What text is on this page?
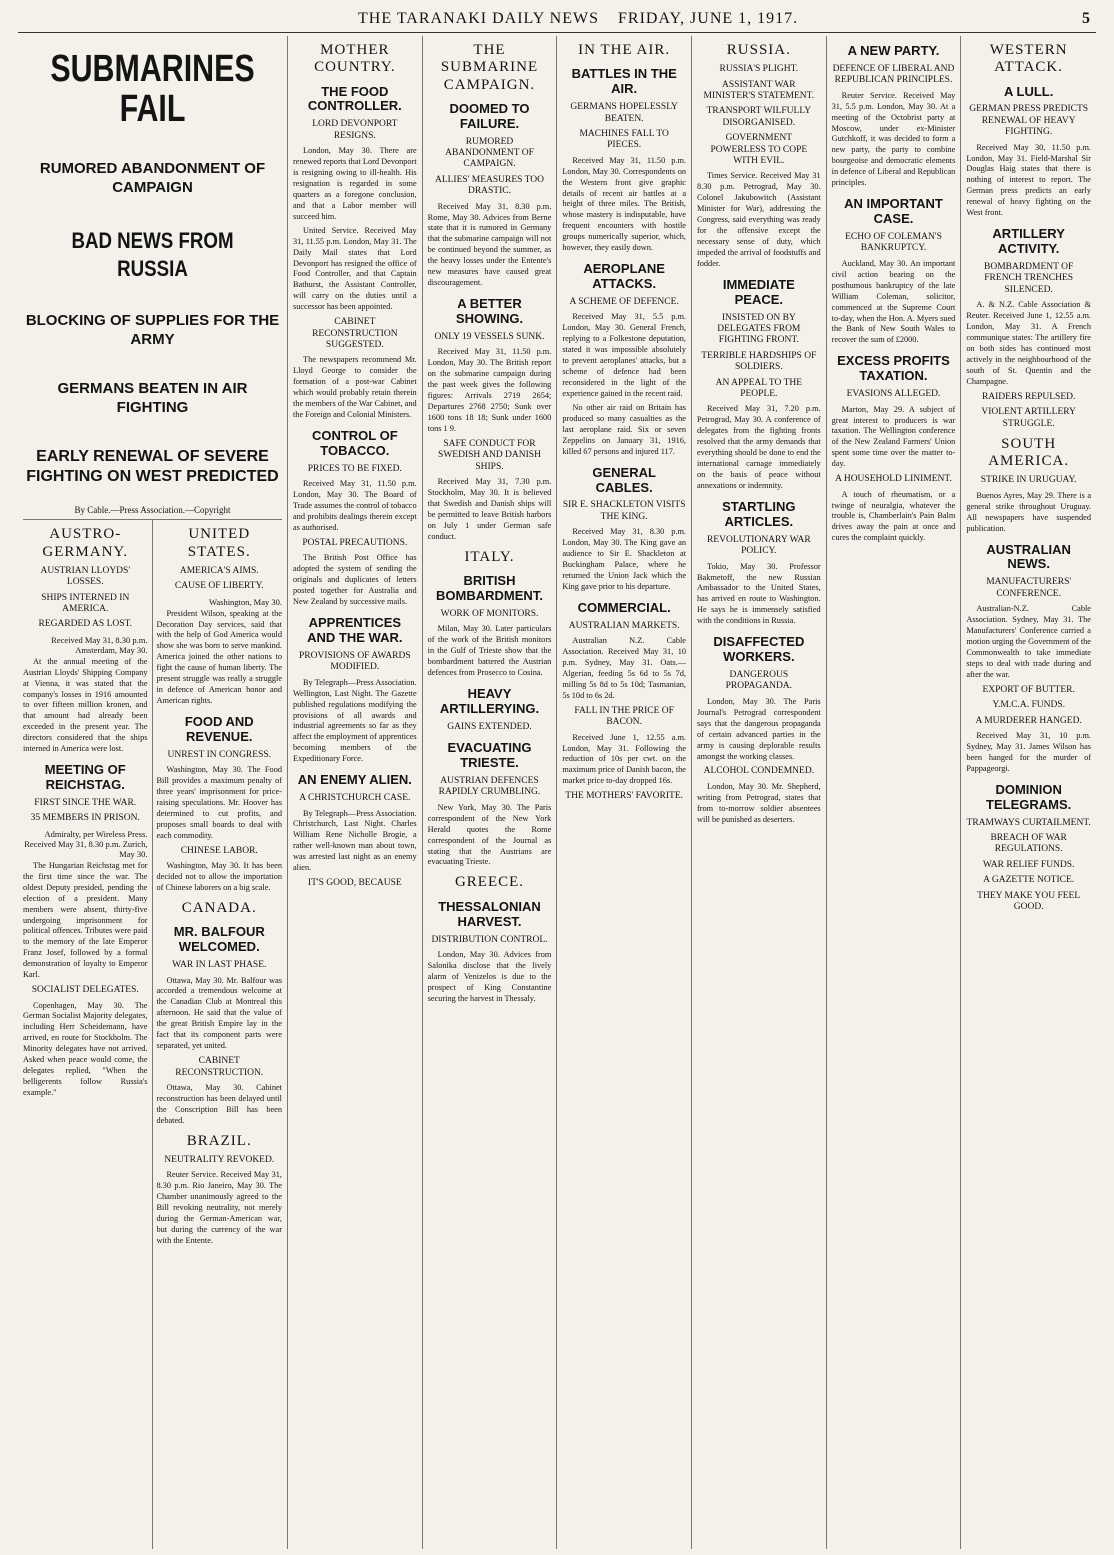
THE TARANAKI DAILY NEWS FRIDAY, JUNE 1, 1917.	5
SUBMARINES FAIL
RUMORED ABANDONMENT OF CAMPAIGN
BAD NEWS FROM RUSSIA
BLOCKING OF SUPPLIES FOR THE ARMY
GERMANS BEATEN IN AIR FIGHTING
EARLY RENEWAL OF SEVERE FIGHTING ON WEST PREDICTED
By Cable.—Press Association.—Copyright
AUSTRO-GERMANY.
AUSTRIAN LLOYDS' LOSSES.
SHIPS INTERNED IN AMERICA.
REGARDED AS LOST.
Received May 31, 8.30 p.m. Amsterdam, May 30.

At the annual meeting of the Austrian Lloyds' Shipping Company at Vienna, it was stated that the company's losses in 1916 amounted to over fifteen million kronen, and that amount had already been exceeded in the present year. The directors considered that the ships interned in America were lost.

MEETING OF REICHSTAG.
FIRST SINCE THE WAR.
35 MEMBERS IN PRISON.
Admiralty, per Wireless Press. Received May 31, 8.30 p.m. Zurich, May 30.

The Hungarian Reichstag met for the first time since the war. The oldest Deputy presided, pending the election of a president. Many members were absent, thirty-five undergoing imprisonment for political offences. Tributes were paid to the memory of the late Emperor Franz Josef, followed by a formal demonstration of loyalty to Emperor Karl.

SOCIALIST DELEGATES.

Copenhagen, May 30. The German Socialist Majority delegates, including Herr Scheidemann, have arrived, en route for Stockholm. The Minority delegates have not arrived. Asked when peace would come, the delegates replied, "When the belligerents follow Russia's example."

UNITED STATES.
AMERICA'S AIMS.
CAUSE OF LIBERTY.
Washington, May 30.

President Wilson, speaking at the Decoration Day services, said that with the help of God America would show she was born to serve mankind. America joined the other nations to fight the cause of human liberty. The present struggle was really a struggle in defence of American honor and American rights.

FOOD AND REVENUE.
UNREST IN CONGRESS.

Washington, May 30. The Food Bill provides a maximum penalty of three years' imprisonment for price-raising speculations. Mr. Hoover has determined to cut profits, and proposes small boards to deal with each commodity.

CHINESE LABOR.

Washington, May 30. It has been decided not to allow the importation of Chinese laborers on a big scale.

CANADA.
MR. BALFOUR WELCOMED.
WAR IN LAST PHASE.

Ottawa, May 30. Mr. Balfour was accorded a tremendous welcome at the Canadian Club at Montreal this afternoon. He said that the value of the great British Empire lay in the fact that its component parts were separated, yet united.

CABINET RECONSTRUCTION.

Ottawa, May 30. Cabinet reconstruction has been delayed until the Conscription Bill has been debated.

BRAZIL.
NEUTRALITY REVOKED.

Reuter Service. Received May 31, 8.30 p.m. Rio Janeiro, May 30. The Chamber unanimously agreed to the Bill revoking neutrality, not merely during the German-American war, but during the currency of the war with the Entente.

MOTHER COUNTRY.
THE FOOD CONTROLLER.
LORD DEVONPORT RESIGNS.

London, May 30. There are renewed reports that Lord Devonport is resigning owing to ill-health. His resignation is regarded in some quarters as a foregone conclusion, and that a Labor member will succeed him.

United Service. Received May 31, 11.55 p.m. London, May 31. The Daily Mail states that Lord Devonport has resigned the office of Food Controller, and that Captain Bathurst, the Assistant Controller, will carry on the duties until a successor has been appointed.

CABINET RECONSTRUCTION SUGGESTED.

The newspapers recommend Mr. Lloyd George to consider the formation of a post-war Cabinet which would probably retain therein the members of the War Cabinet, and the Foreign and Colonial Ministers.

CONTROL OF TOBACCO.
PRICES TO BE FIXED.

Received May 31, 11.50 p.m. London, May 30. The Board of Trade assumes the control of tobacco and prohibits dealings therein except as authorised.

POSTAL PRECAUTIONS.

The British Post Office has adopted the system of sending the originals and duplicates of letters posted together for Australia and New Zealand by successive mails.

APPRENTICES AND THE WAR.
PROVISIONS OF AWARDS MODIFIED.

By Telegraph—Press Association. Wellington, Last Night. The Gazette published regulations modifying the provisions of all awards and industrial agreements so far as they affect the employment of apprentices becoming members of the Expeditionary Force.

AN ENEMY ALIEN.
A CHRISTCHURCH CASE.

By Telegraph—Press Association. Christchurch, Last Night. Charles William Rene Nicholle Brogie, a rather well-known man about town, was arrested last night as an enemy alien.

IT'S GOOD, BECAUSE
THE SUBMARINE CAMPAIGN.
DOOMED TO FAILURE.
RUMORED ABANDONMENT OF CAMPAIGN.
ALLIES' MEASURES TOO DRASTIC.

Received May 31, 8.30 p.m. Rome, May 30. Advices from Berne state that it is rumored in Germany that the submarine campaign will not be continued beyond the summer, as the heavy losses under the Entente's new measures have caused great discouragement.

A BETTER SHOWING.
ONLY 19 VESSELS SUNK.

Received May 31, 11.50 p.m. London, May 30. The British report on the submarine campaign during the past week gives the following figures: Arrivals 2719 2654; Departures 2768 2750; Sunk over 1600 tons 18 18; Sunk under 1600 tons 1 9.

SAFE CONDUCT FOR SWEDISH AND DANISH SHIPS.

Received May 31, 7.30 p.m. Stockholm, May 30. It is believed that Swedish and Danish ships will be permitted to leave British harbors on July 1 under German safe conduct.

ITALY.
BRITISH BOMBARDMENT.
WORK OF MONITORS.

Milan, May 30. Later particulars of the work of the British monitors in the Gulf of Trieste show that the bombardment battered the Austrian defences from Prosecco to Cosina.

HEAVY ARTILLERYING.
GAINS EXTENDED.
EVACUATING TRIESTE.
AUSTRIAN DEFENCES RAPIDLY CRUMBLING.

New York, May 30. The Paris correspondent of the New York Herald quotes the Rome correspondent of the Journal as stating that the Austrians are evacuating Trieste.

GREECE.
THESSALONIAN HARVEST.
DISTRIBUTION CONTROL.

London, May 30. Advices from Salonika disclose that the lively alarm of Venizelos is due to the prospect of King Constantine securing the harvest in Thessaly.

IN THE AIR.
BATTLES IN THE AIR.
GERMANS HOPELESSLY BEATEN.
MACHINES FALL TO PIECES.

Received May 31, 11.50 p.m. London, May 30. Correspondents on the Western front give graphic details of recent air battles at a height of three miles. The British, whose mastery is indisputable, have frequent encounters with hostile groups numerically superior, which, however, they easily down.

AEROPLANE ATTACKS.
A SCHEME OF DEFENCE.

Received May 31, 5.5 p.m. London, May 30. General French, replying to a Folkestone deputation, stated it was impossible absolutely to prevent aeroplanes' attacks, but a scheme of defence had been reconsidered in the light of the experience gained in the recent raid.

No other air raid on Britain has produced so many casualties as the last aeroplane raid. Six or seven Zeppelins on January 31, 1916, killed 67 persons and injured 117.

GENERAL CABLES.
SIR E. SHACKLETON VISITS THE KING.

Received May 31, 8.30 p.m. London, May 30. The King gave an audience to Sir E. Shackleton at Buckingham Palace, where he returned the Union Jack which the King gave prior to his departure.

COMMERCIAL.
AUSTRALIAN MARKETS.

Australian N.Z. Cable Association. Received May 31, 10 p.m. Sydney, May 31. Oats.—Algerian, feeding 5s 6d to 5s 7d, milling 5s 8d to 5s 10d; Tasmanian, 5s 10d to 6s 2d.

FALL IN THE PRICE OF BACON.

Received June 1, 12.55 a.m. London, May 31. Following the reduction of 10s per cwt. on the maximum price of Danish bacon, the market price to-day dropped 16s.

THE MOTHERS' FAVORITE.
RUSSIA.
RUSSIA'S PLIGHT.
ASSISTANT WAR MINISTER'S STATEMENT.
TRANSPORT WILFULLY DISORGANISED.
GOVERNMENT POWERLESS TO COPE WITH EVIL.

Times Service. Received May 31 8.30 p.m. Petrograd, May 30. Colonel Jakubowitch (Assistant Minister for War), addressing the Congress, said everything was ready for the offensive except the necessary sense of duty, which impeded the arrival of foodstuffs and fodder.

IMMEDIATE PEACE.
INSISTED ON BY DELEGATES FROM FIGHTING FRONT.
TERRIBLE HARDSHIPS OF SOLDIERS.
AN APPEAL TO THE PEOPLE.

Received May 31, 7.20 p.m. Petrograd, May 30. A conference of delegates from the fighting fronts resolved that the army demands that everything should be done to end the international carnage immediately on the basis of peace without annexations or indemnity.

STARTLING ARTICLES.
REVOLUTIONARY WAR POLICY.

Tokio, May 30. Professor Bakmetoff, the new Russian Ambassador to the United States, has arrived en route to Washington. He says he is immensely satisfied with the conditions in Russia.

DISAFFECTED WORKERS.
DANGEROUS PROPAGANDA.

London, May 30. The Paris Journal's Petrograd correspondent says that the dangerous propaganda of certain advanced parties in the army is causing deplorable results amongst the working classes.

ALCOHOL CONDEMNED.

London, May 30. Mr. Shepherd, writing from Petrograd, states that from to-morrow soldier absentees will be punished as deserters.

A NEW PARTY.
DEFENCE OF LIBERAL AND REPUBLICAN PRINCIPLES.

Reuter Service. Received May 31, 5.5 p.m. London, May 30. At a meeting of the Octobrist party at Moscow, under ex-Minister Gutchkoff, it was decided to form a new party, the party to combine bourgeoise and democratic elements in defence of Liberal and Republican principles.

AN IMPORTANT CASE.
ECHO OF COLEMAN'S BANKRUPTCY.

Auckland, May 30. An important civil action bearing on the posthumous bankruptcy of the late William Coleman, solicitor, commenced at the Supreme Court to-day, when the Hon. A. Myers sued the Bank of New South Wales to recover the sum of £2000.

EXCESS PROFITS TAXATION.
EVASIONS ALLEGED.

Marton, May 29. A subject of great interest to producers is war taxation. The Wellington conference of the New Zealand Farmers' Union spent some time over the matter to-day.

A HOUSEHOLD LINIMENT.

A touch of rheumatism, or a twinge of neuralgia, whatever the trouble is, Chamberlain's Pain Balm drives away the pain at once and cures the complaint quickly.

WESTERN ATTACK.
A LULL.
GERMAN PRESS PREDICTS RENEWAL OF HEAVY FIGHTING.

Received May 30, 11.50 p.m. London, May 31. Field-Marshal Sir Douglas Haig states that there is nothing of interest to report. The German press predicts an early renewal of heavy fighting on the West front.

ARTILLERY ACTIVITY.
BOMBARDMENT OF FRENCH TRENCHES SILENCED.

A. & N.Z. Cable Association & Reuter. Received June 1, 12.55 a.m. London, May 31. A French communique states: The artillery fire on both sides has continued most actively in the neighbourhood of the south of St. Quentin and the Champagne.

RAIDERS REPULSED.
VIOLENT ARTILLERY STRUGGLE.
SOUTH AMERICA.
STRIKE IN URUGUAY.

Buenos Ayres, May 29. There is a general strike throughout Uruguay. All newspapers have suspended publication.

AUSTRALIAN NEWS.
MANUFACTURERS' CONFERENCE.

Australian-N.Z. Cable Association. Sydney, May 31. The Manufacturers' Conference carried a motion urging the Government of the Commonwealth to take immediate steps to deal with trade during and after the war.

EXPORT OF BUTTER.
Y.M.C.A. FUNDS.
A MURDERER HANGED.

Received May 31, 10 p.m. Sydney, May 31. James Wilson has been hanged for the murder of Pappageorgi.

DOMINION TELEGRAMS.
TRAMWAYS CURTAILMENT.
BREACH OF WAR REGULATIONS.
WAR RELIEF FUNDS.
A GAZETTE NOTICE.
THEY MAKE YOU FEEL GOOD.
